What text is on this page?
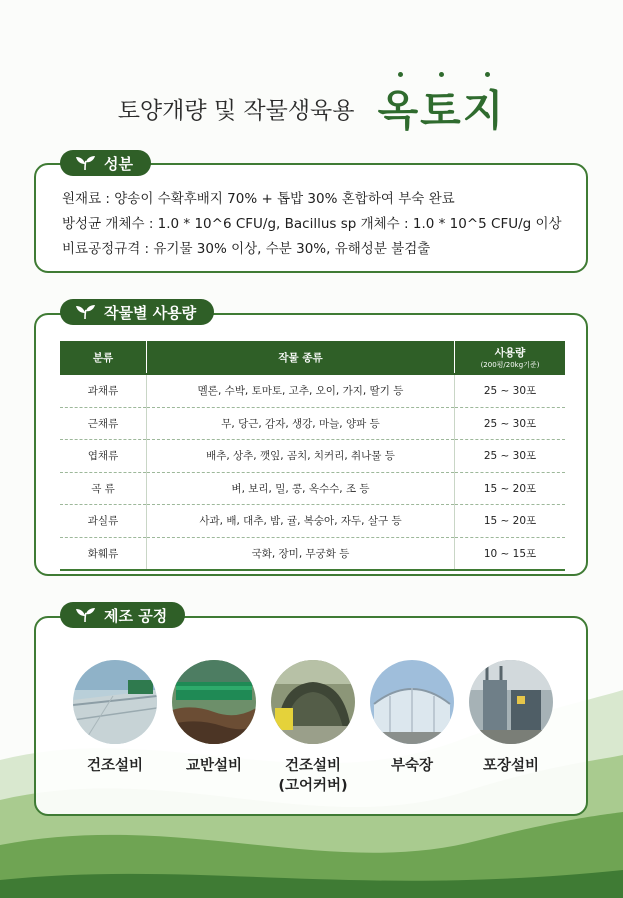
토양개량 및 작물생육용 옥토지
성분
원재료 : 양송이 수확후배지 70% + 톱밥 30% 혼합하여 부숙 완료
방성균 개체수 : 1.0 * 10^6 CFU/g, Bacillus sp 개체수 : 1.0 * 10^5 CFU/g 이상
비료공정규격 : 유기물 30% 이상, 수분 30%, 유해성분 불검출
작물별 사용량
분류	작물 종류	사용량
(200평/20kg기준)

과채류	멜론, 수박, 토마토, 고추, 오이, 가지, 딸기 등	25 ~ 30포
근채류	무, 당근, 감자, 생강, 마늘, 양파 등	25 ~ 30포
엽채류	배추, 상추, 깻잎, 곰치, 치커리, 취나물 등	25 ~ 30포
곡 류	벼, 보리, 밀, 콩, 옥수수, 조 등	15 ~ 20포
과실류	사과, 배, 대추, 밤, 귤, 복숭아, 자두, 살구 등	15 ~ 20포
화훼류	국화, 장미, 무궁화 등	10 ~ 15포
제조 공정
건조설비	교반설비	건조설비
(고어커버)
부숙장	포장설비
